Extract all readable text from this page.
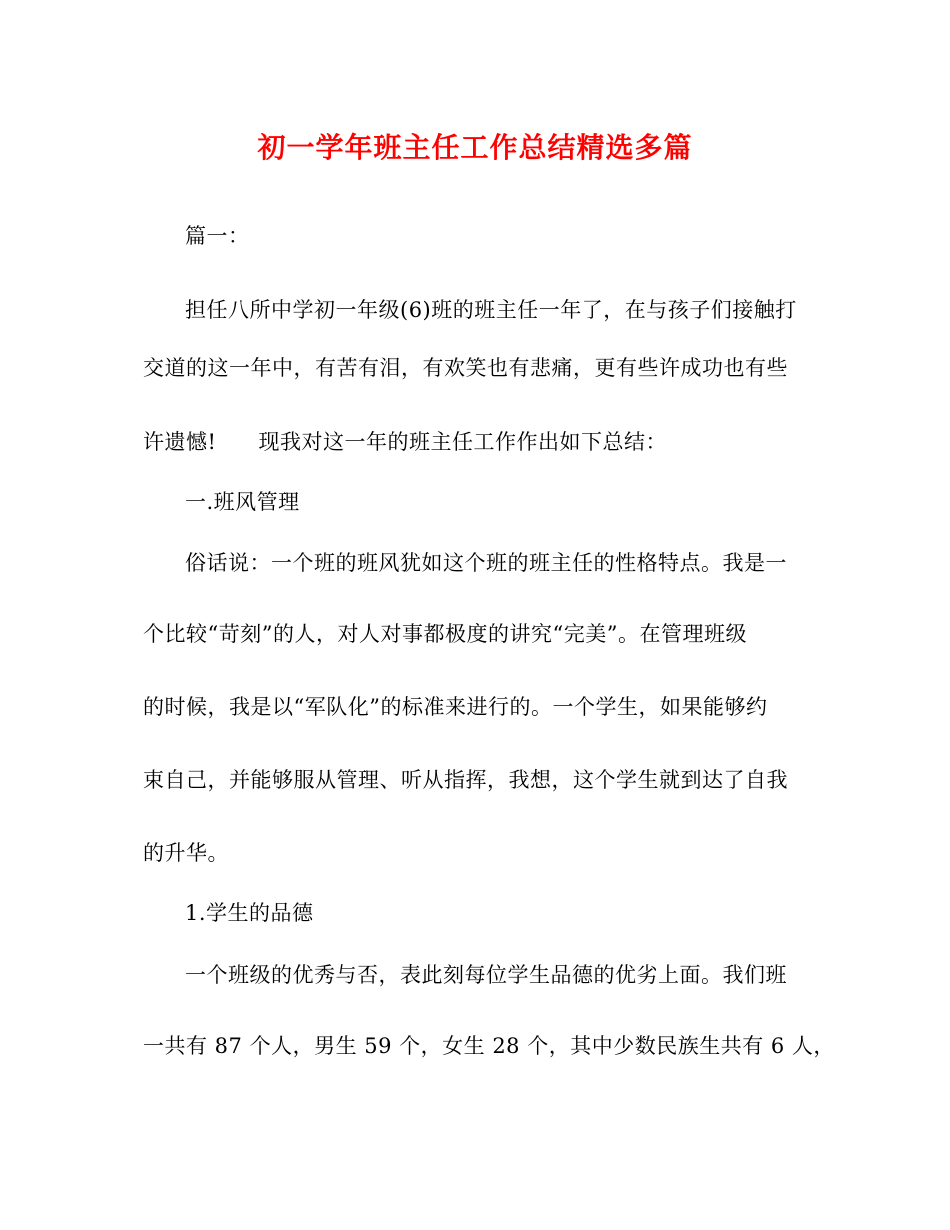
初一学年班主任工作总结精选多篇
篇一：
担任八所中学初一年级(6)班的班主任一年了，在与孩子们接触打
交道的这一年中，有苦有泪，有欢笑也有悲痛，更有些许成功也有些
许遗憾! 现我对这一年的班主任工作作出如下总结：
一.班风管理
俗话说：一个班的班风犹如这个班的班主任的性格特点。我是一
个比较“苛刻”的人，对人对事都极度的讲究“完美”。在管理班级
的时候，我是以“军队化”的标准来进行的。一个学生，如果能够约
束自己，并能够服从管理、听从指挥，我想，这个学生就到达了自我
的升华。
1.学生的品德
一个班级的优秀与否，表此刻每位学生品德的优劣上面。我们班
一共有 87 个人，男生 59 个，女生 28 个，其中少数民族生共有 6 人，
